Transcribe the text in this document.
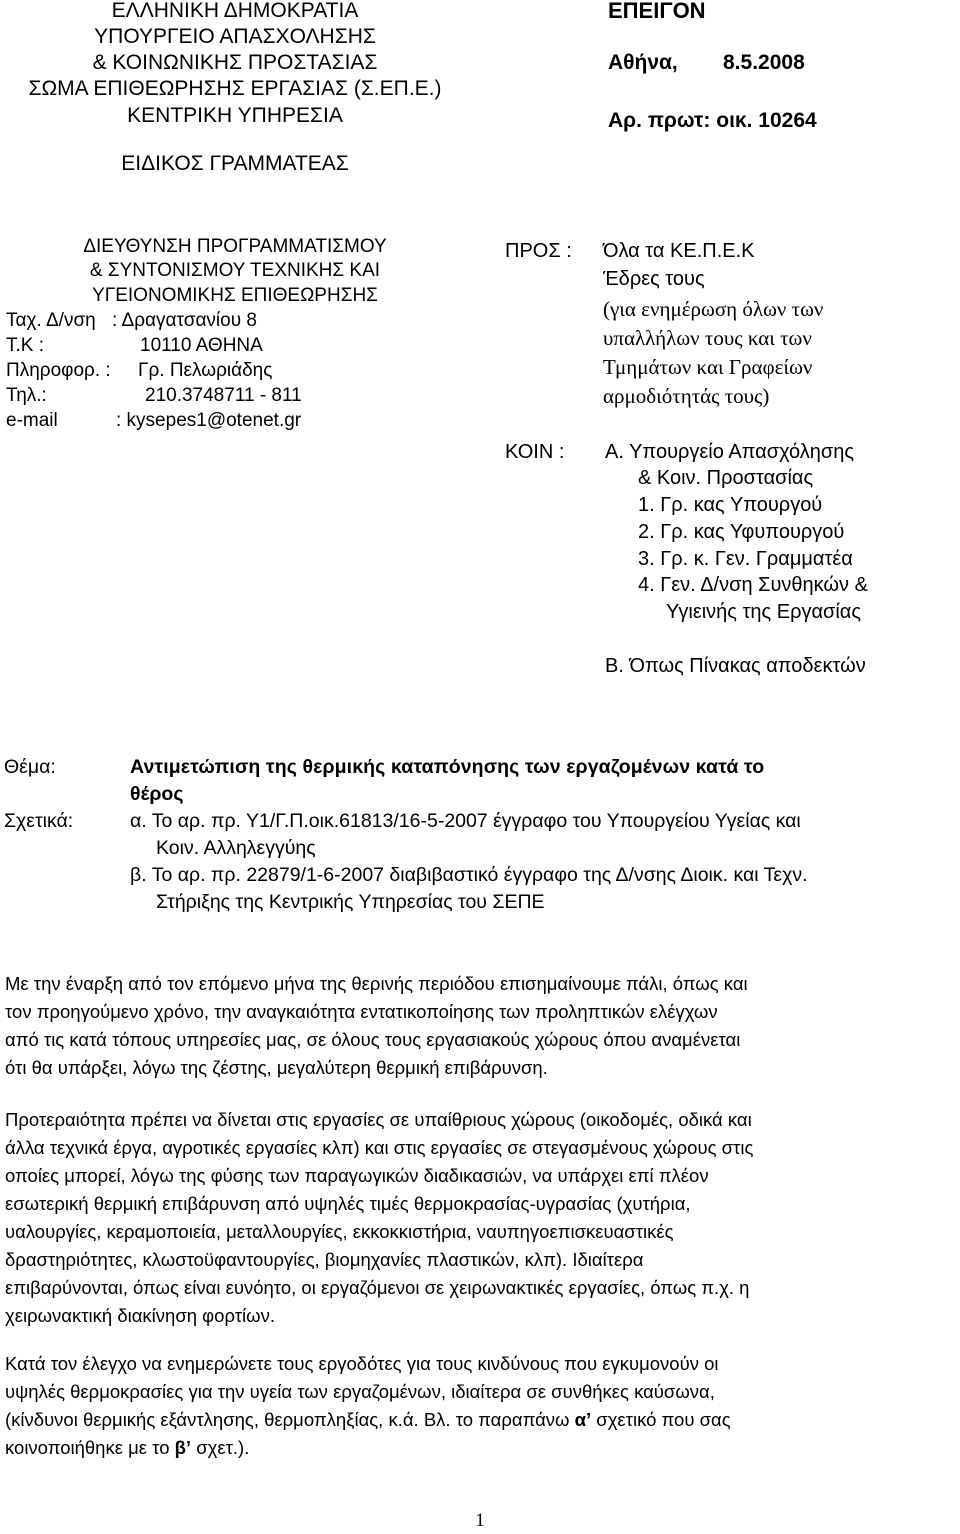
ΕΛΛΗΝΙΚΗ ΔΗΜΟΚΡΑΤΙΑ
ΥΠΟΥΡΓΕΙΟ ΑΠΑΣΧΟΛΗΣΗΣ
& ΚΟΙΝΩΝΙΚΗΣ ΠΡΟΣΤΑΣΙΑΣ
ΣΩΜΑ ΕΠΙΘΕΩΡΗΣΗΣ ΕΡΓΑΣΙΑΣ (Σ.ΕΠ.Ε.)
ΚΕΝΤΡΙΚΗ ΥΠΗΡΕΣΙΑ
ΕΙΔΙΚΟΣ ΓΡΑΜΜΑΤΕΑΣ
ΕΠΕΙΓΟΝ
Αθήνα, 8.5.2008
Αρ. πρωτ: οικ. 10264
ΔΙΕΥΘΥΝΣΗ ΠΡΟΓΡΑΜΜΑΤΙΣΜΟΥ
& ΣΥΝΤΟΝΙΣΜΟΥ ΤΕΧΝΙΚΗΣ ΚΑΙ
ΥΓΕΙΟΝΟΜΙΚΗΣ ΕΠΙΘΕΩΡΗΣΗΣ
Ταχ. Δ/νση : Δραγατσανίου 8
Τ.Κ :	10110 ΑΘΗΝΑ
Πληροφορ. : Γρ. Πελωριάδης
Τηλ.:	210.3748711 - 811
e-mail	: kysepes1@otenet.gr
ΠΡΟΣ : Όλα τα ΚΕ.Π.Ε.Κ
Έδρες τους
(για ενημέρωση όλων των
υπαλλήλων τους και των
Τμημάτων και Γραφείων
αρμοδιότητάς τους)
ΚΟΙΝ : Α. Υπουργείο Απασχόλησης
& Κοιν. Προστασίας
1. Γρ. κας Υπουργού
2. Γρ. κας Υφυπουργού
3. Γρ. κ. Γεν. Γραμματέα
4. Γεν. Δ/νση Συνθηκών &
Υγιεινής της Εργασίας
Β. Όπως Πίνακας αποδεκτών
Θέμα:	Αντιμετώπιση της θερμικής καταπόνησης των εργαζομένων κατά το
θέρος
Σχετικά:	α. Το αρ. πρ. Υ1/Γ.Π.οικ.61813/16-5-2007 έγγραφο του Υπουργείου Υγείας και
Κοιν. Αλληλεγγύης
β. Το αρ. πρ. 22879/1-6-2007 διαβιβαστικό έγγραφο της Δ/νσης Διοικ. και Τεχν.
Στήριξης της Κεντρικής Υπηρεσίας του ΣΕΠΕ
Με την έναρξη από τον επόμενο μήνα της θερινής περιόδου επισημαίνουμε πάλι, όπως και
τον προηγούμενο χρόνο, την αναγκαιότητα εντατικοποίησης των προληπτικών ελέγχων
από τις κατά τόπους υπηρεσίες μας, σε όλους τους εργασιακούς χώρους όπου αναμένεται
ότι θα υπάρξει, λόγω της ζέστης, μεγαλύτερη θερμική επιβάρυνση.
Προτεραιότητα πρέπει να δίνεται στις εργασίες σε υπαίθριους χώρους (οικοδομές, οδικά και
άλλα τεχνικά έργα, αγροτικές εργασίες κλπ) και στις εργασίες σε στεγασμένους χώρους στις
οποίες μπορεί, λόγω της φύσης των παραγωγικών διαδικασιών, να υπάρχει επί πλέον
εσωτερική θερμική επιβάρυνση από υψηλές τιμές θερμοκρασίας-υγρασίας (χυτήρια,
υαλουργίες, κεραμοποιεία, μεταλλουργίες, εκκοκκιστήρια, ναυπηγοεπισκευαστικές
δραστηριότητες, κλωστοϋφαντουργίες, βιομηχανίες πλαστικών, κλπ). Ιδιαίτερα
επιβαρύνονται, όπως είναι ευνόητο, οι εργαζόμενοι σε χειρωνακτικές εργασίες, όπως π.χ. η
χειρωνακτική διακίνηση φορτίων.
Κατά τον έλεγχο να ενημερώνετε τους εργοδότες για τους κινδύνους που εγκυμονούν οι
υψηλές θερμοκρασίες για την υγεία των εργαζομένων, ιδιαίτερα σε συνθήκες καύσωνα,
(κίνδυνοι θερμικής εξάντλησης, θερμοπληξίας, κ.ά. Βλ. το παραπάνω α’ σχετικό που σας
κοινοποιήθηκε με το β’ σχετ.).
1
